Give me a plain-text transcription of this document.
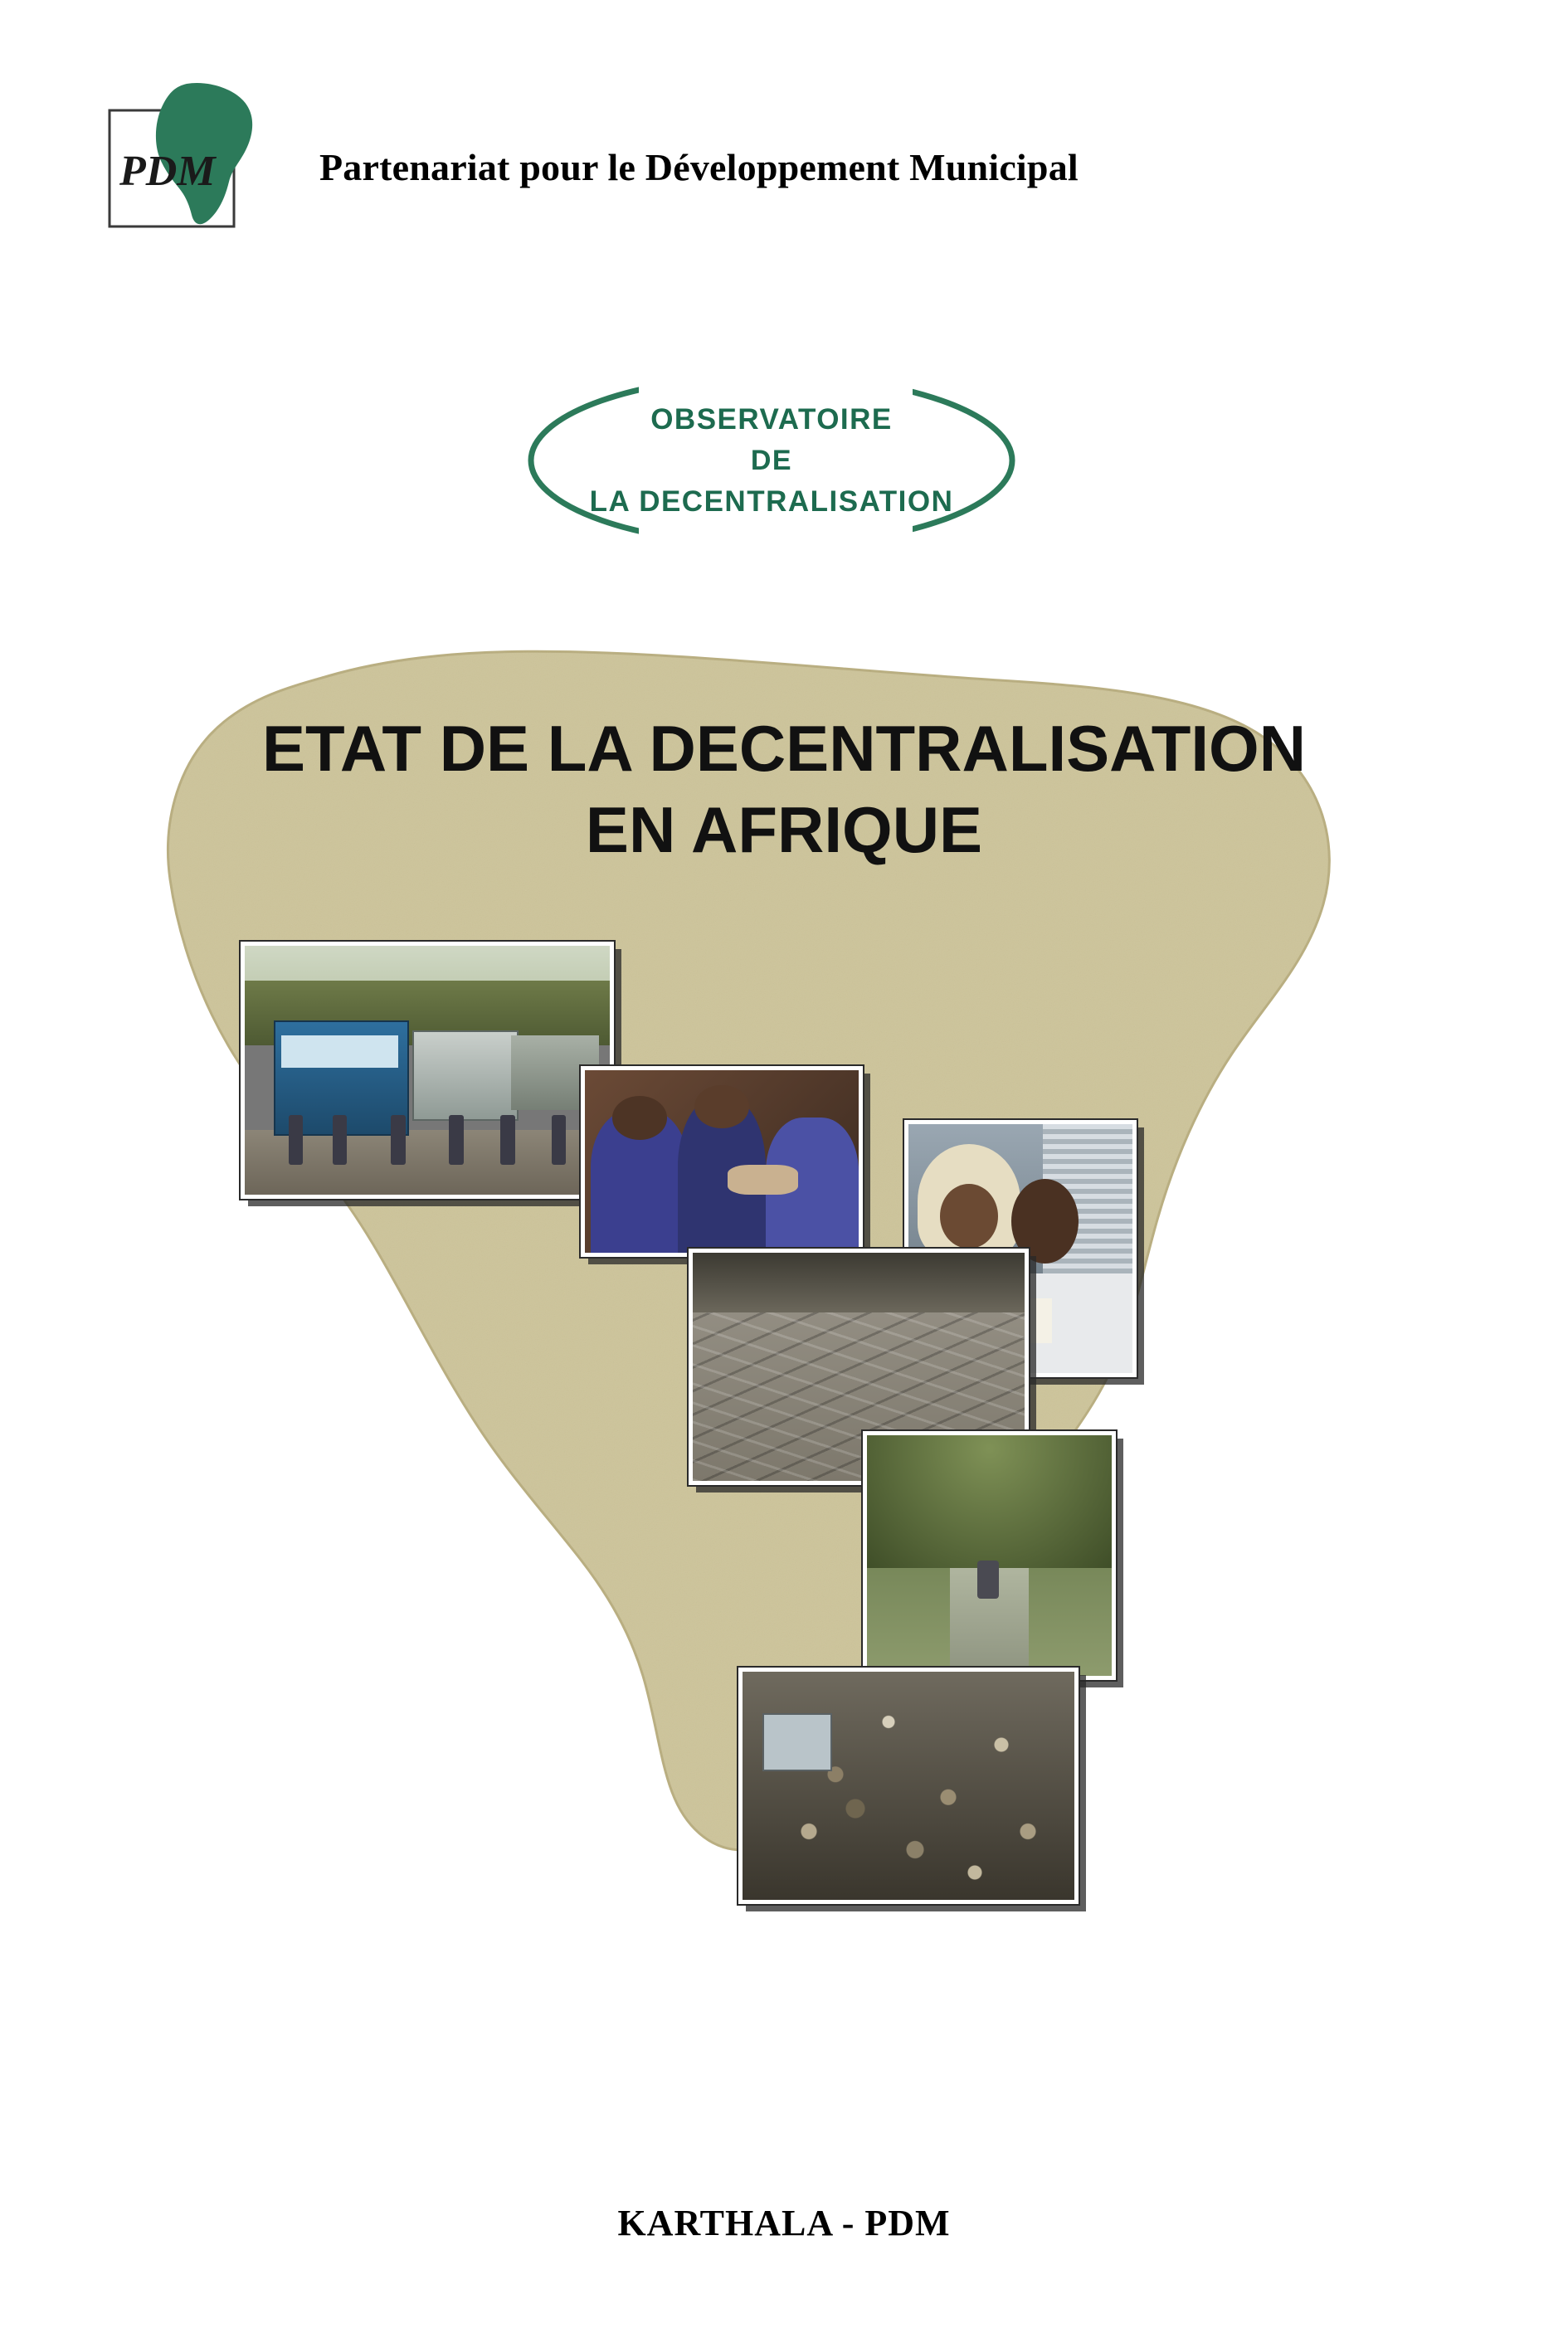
PDM	Partenariat pour le Développement Municipal
OBSERVATOIRE
DE
LA DECENTRALISATION
ETAT DE LA DECENTRALISATION
EN AFRIQUE
KARTHALA - PDM
